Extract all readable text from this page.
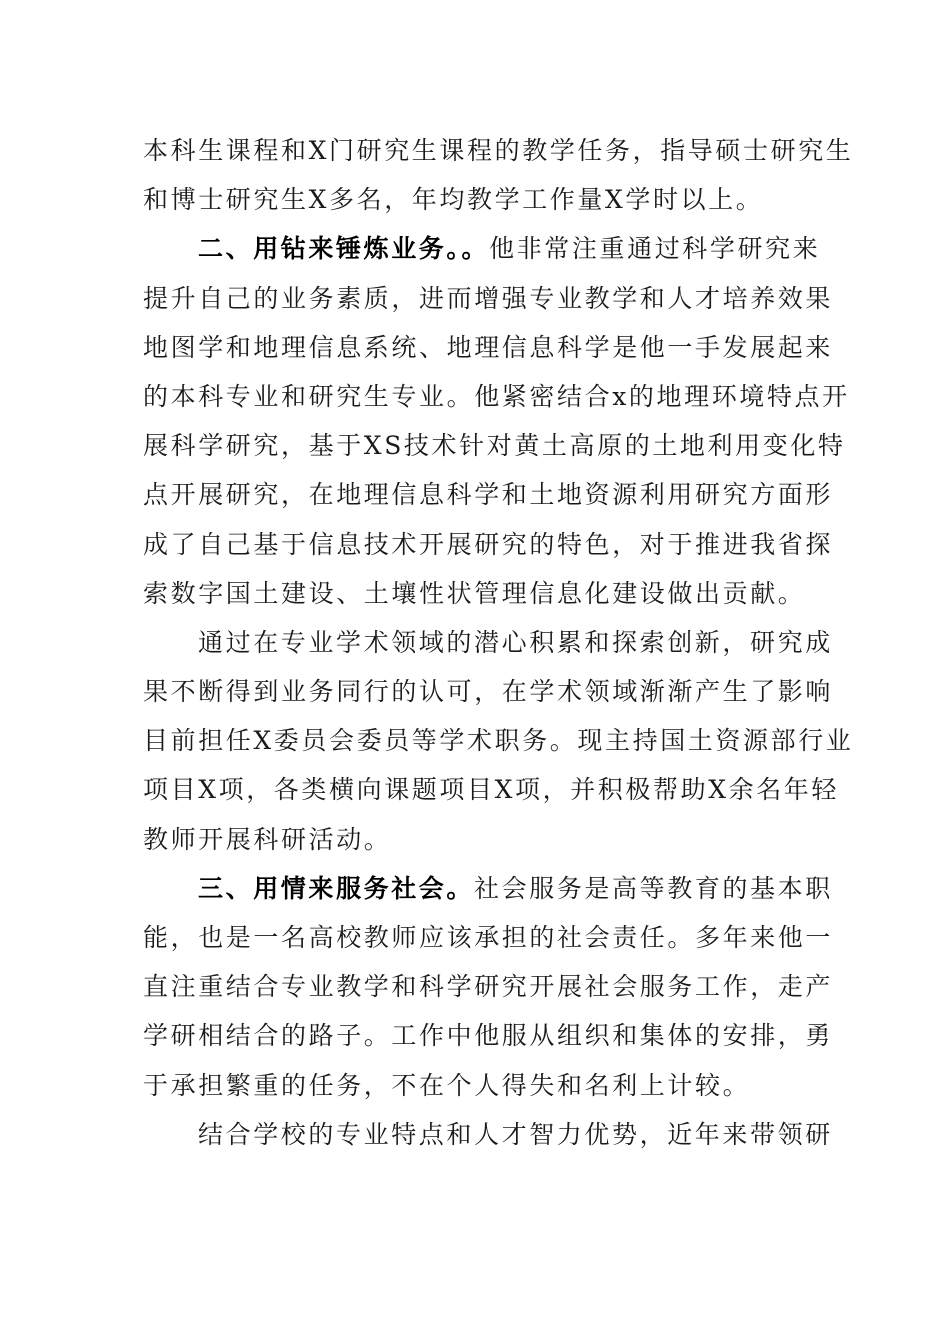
本科生课程和X门研究生课程的教学任务，指导硕士研究生
和博士研究生X多名，年均教学工作量X学时以上。
二、用钻来锤炼业务。。他非常注重通过科学研究来
提升自己的业务素质，进而增强专业教学和人才培养效果
地图学和地理信息系统、地理信息科学是他一手发展起来
的本科专业和研究生专业。他紧密结合x的地理环境特点开
展科学研究，基于XS技术针对黄土高原的土地利用变化特
点开展研究，在地理信息科学和土地资源利用研究方面形
成了自己基于信息技术开展研究的特色，对于推进我省探
索数字国土建设、土壤性状管理信息化建设做出贡献。
通过在专业学术领域的潜心积累和探索创新，研究成
果不断得到业务同行的认可，在学术领域渐渐产生了影响
目前担任X委员会委员等学术职务。现主持国土资源部行业
项目X项，各类横向课题项目X项，并积极帮助X余名年轻
教师开展科研活动。
三、用情来服务社会。社会服务是高等教育的基本职
能，也是一名高校教师应该承担的社会责任。多年来他一
直注重结合专业教学和科学研究开展社会服务工作，走产
学研相结合的路子。工作中他服从组织和集体的安排，勇
于承担繁重的任务，不在个人得失和名利上计较。
结合学校的专业特点和人才智力优势，近年来带领研
